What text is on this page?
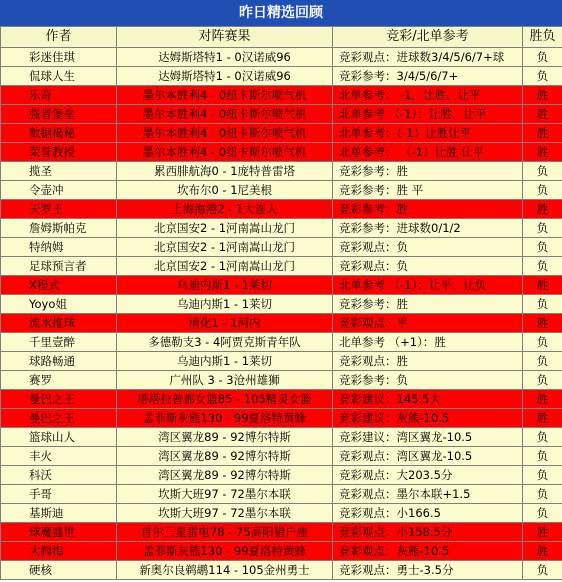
昨日精选回顾
作者	对阵赛果	竞彩/北单参考	胜负
彩迷佳琪	达姆斯塔特1 - 0汉诺威96	竞彩观点：进球数3/4/5/6/7+球	负
侃球人生	达姆斯塔特1 - 0汉诺威96	竞彩参考：3/4/5/6/7+	负
乐奇	墨尔本胜利4 - 0纽卡斯尔喷气机	北单参考： -1，让胜、让平	胜
强者堡垒	墨尔本胜利4 - 0纽卡斯尔喷气机	北单参考 （-1）：让胜、让平	胜
数据揭秘	墨尔本胜利4 - 0纽卡斯尔喷气机	北单参考：（-1）让胜让平	胜
荣誉教授	墨尔本胜利4 - 0纽卡斯尔喷气机	北单参考： （-1）让胜 让平	胜
揽圣	累西腓航海0 - 1庞特普雷塔	竞彩参考：胜	负
令壶冲	坎布尔0 - 1尼美根	竞彩参考：胜 平	负
天罗王	上海海港2 - 1大连人	竞彩参考：胜	胜
詹姆斯帕克	北京国安2 - 1河南嵩山龙门	竞彩参考：进球数0/1/2	负
特纳姆	北京国安2 - 1河南嵩山龙门	竞彩观点：负	负
足球预言者	北京国安2 - 1河南嵩山龙门	竞彩观点：负	负
X程式	乌迪内斯1 - 1莱切	北单参考 （-1）：让平、让负	胜
Yoyo姐	乌迪内斯1 - 1莱切	竞彩参考：胜	负
流水推球	清化1 - 1河内	竞彩观点：平	胜
千里壹醉	多德勒支3 - 4阿贾克斯青年队	北单参考 （+1）：胜	负
球路畅通	乌迪内斯1 - 1莱切	竞彩观点：胜	负
赛罗	广州队 3 - 3沧州雄狮	竞彩参考：负	负
曼巴之王	塔塔拉普都女篮85 - 105精灵女篮	竞彩建议：145.5大	胜
曼巴之王	孟菲斯灰熊130 - 99夏洛特黄蜂	竞彩建议：灰熊-10.5	胜
篮球山人	湾区翼龙89 - 92博尔特斯	竞彩建议：湾区翼龙-10.5	负
丰火	湾区翼龙89 - 92博尔特斯	竞彩观点：湾区翼龙-10.5	负
科沃	湾区翼龙89 - 92博尔特斯	竞彩观点：大203.5分	负
手哥	坎斯大班97 - 72墨尔本联	竞彩观点：墨尔本联+1.5	负
基斯迪	坎斯大班97 - 72墨尔本联	竞彩观点：小166.5	负
球魔盛世	首尔三星雷电78 - 75高阳猎户座	竞彩观点：小158.5分	胜
大拇指	孟菲斯灰熊130 - 99夏洛特黄蜂	竞彩观点：灰熊-10.5	胜
硬核	新奥尔良鹈鹕114 - 105金州勇士	竞彩观点：勇士-3.5分	负
